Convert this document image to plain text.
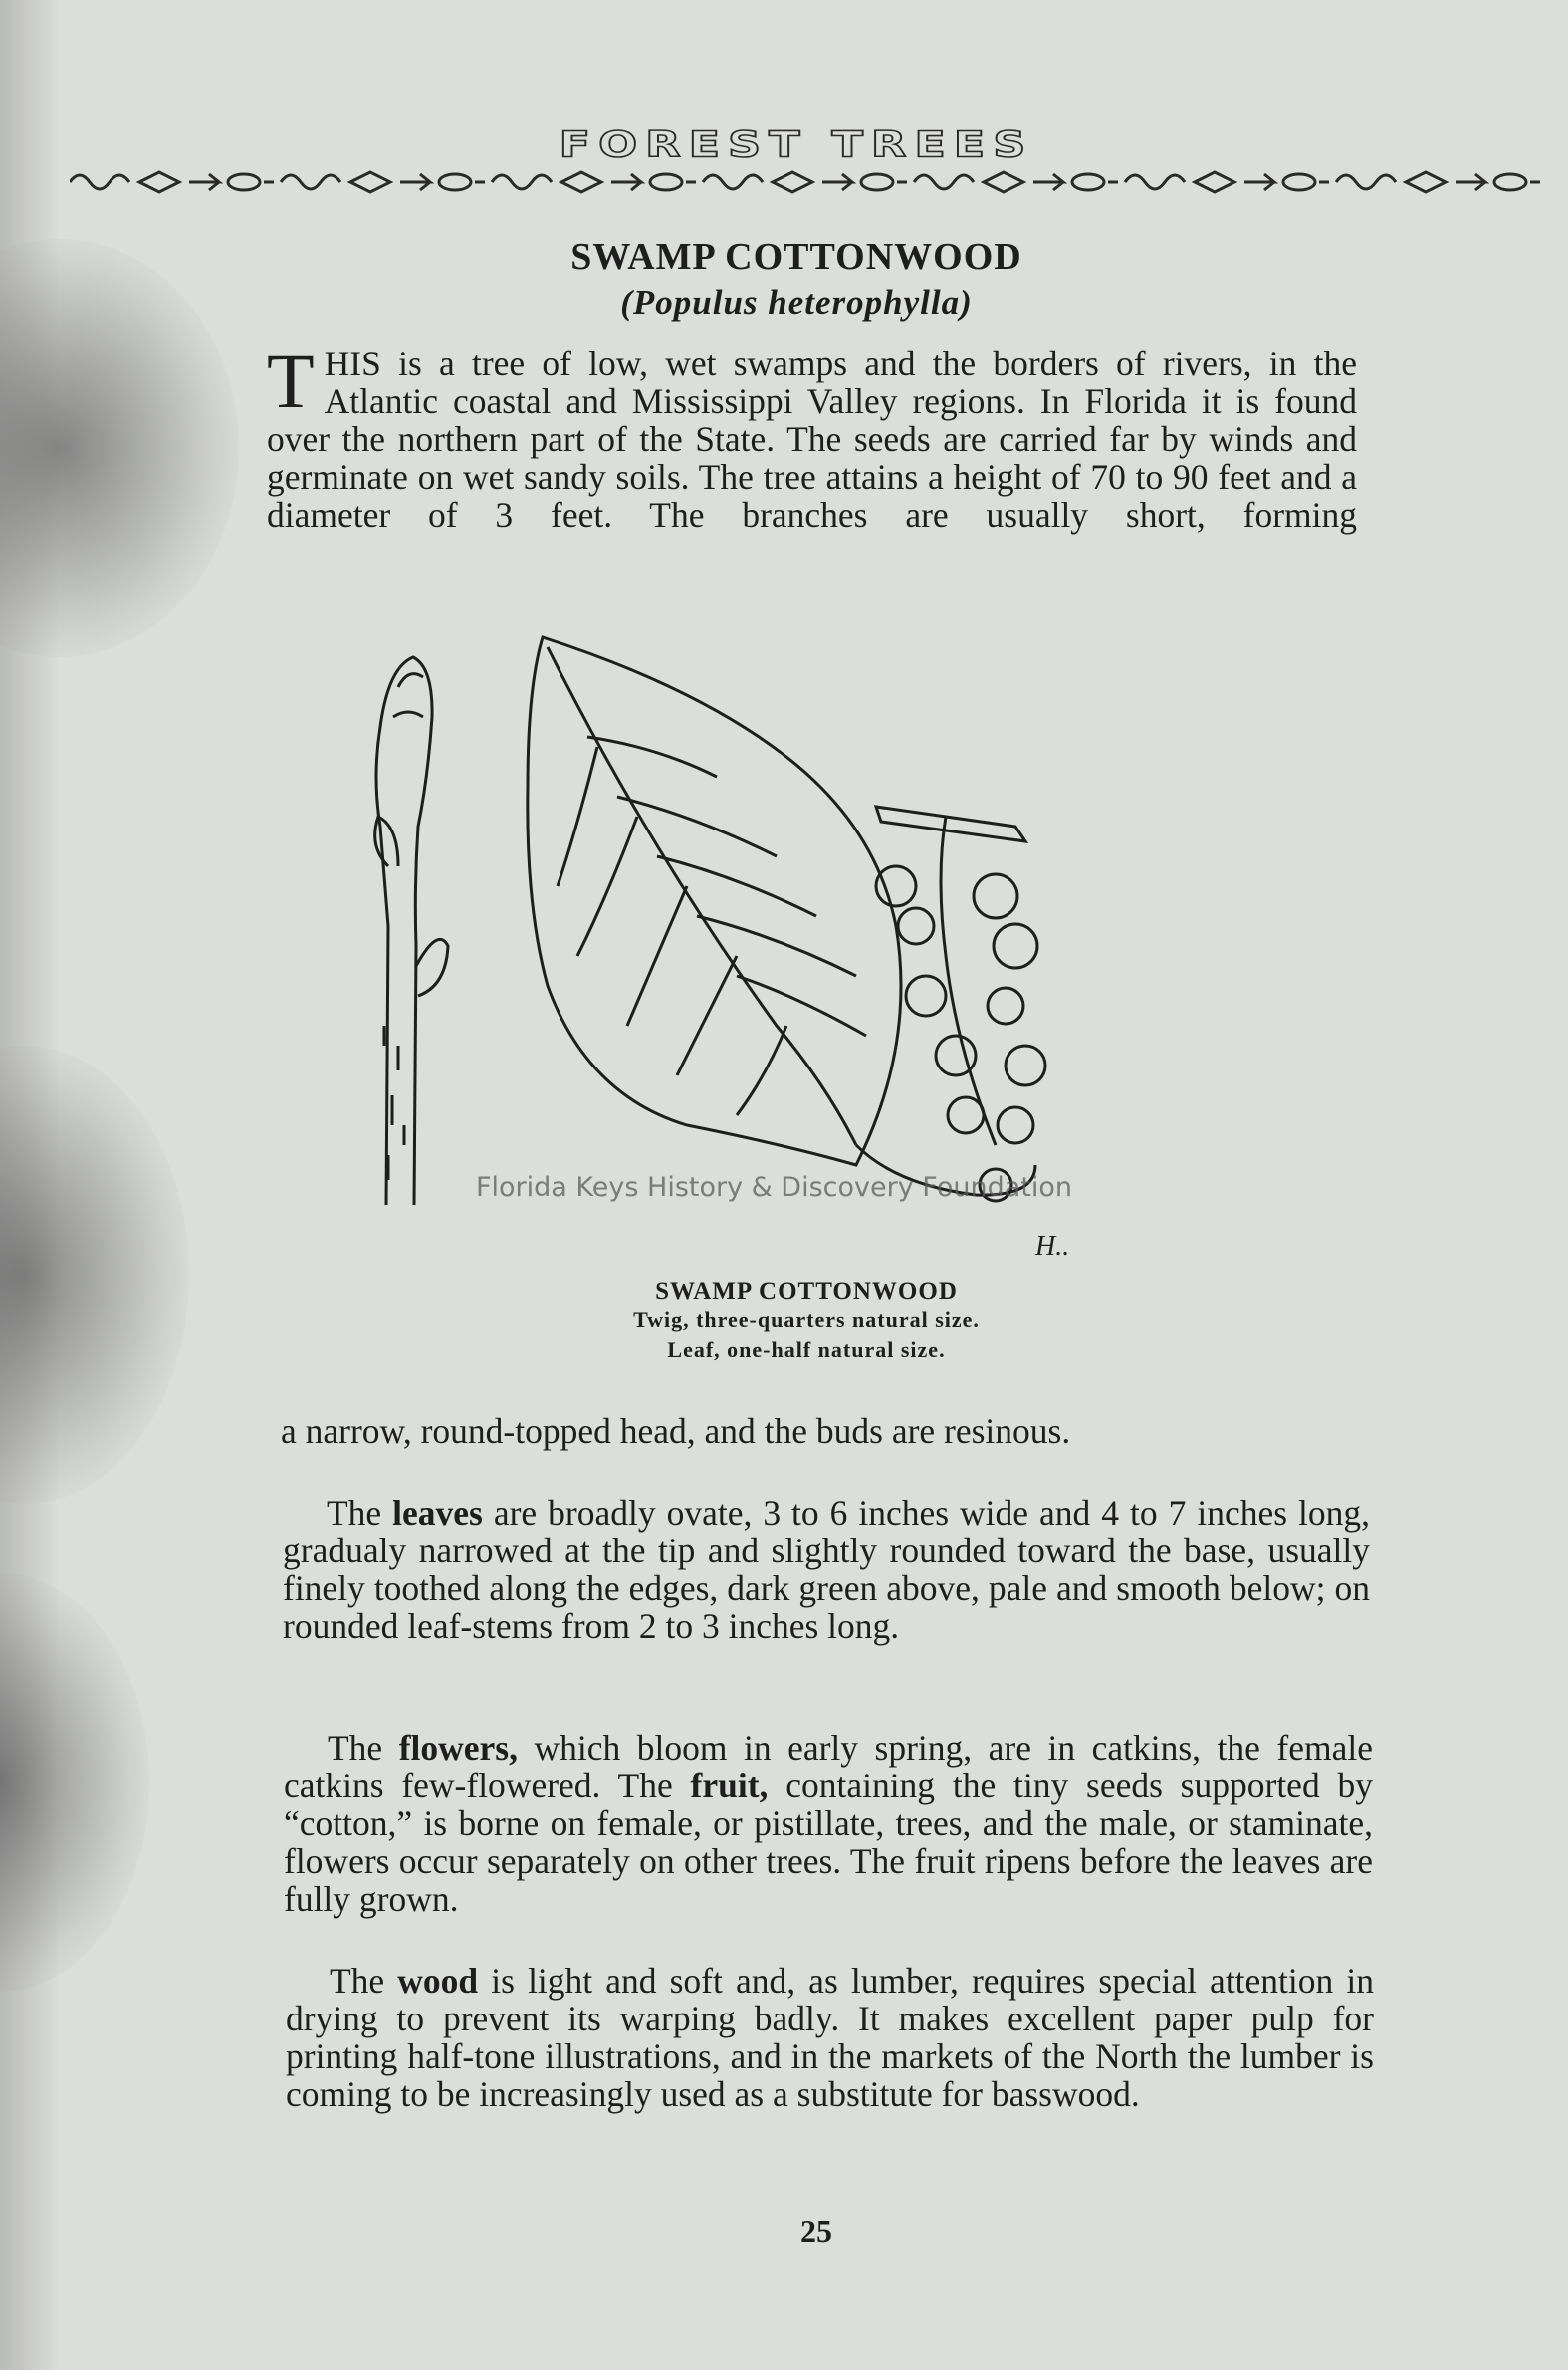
FOREST TREES
SWAMP COTTONWOOD
(Populus heterophylla)
THIS is a tree of low, wet swamps and the borders of rivers, in the Atlantic coastal and Mississippi Valley regions. In Florida it is found over the northern part of the State. The seeds are carried far by winds and germinate on wet sandy soils. The tree attains a height of 70 to 90 feet and a diameter of 3 feet. The branches are usually short, forming
H..
Florida Keys History & Discovery Foundation
SWAMP COTTONWOOD
Twig, three-quarters natural size.
Leaf, one-half natural size.
a narrow, round-topped head, and the buds are resinous.
The leaves are broadly ovate, 3 to 6 inches wide and 4 to 7 inches long, gradualy narrowed at the tip and slightly rounded toward the base, usually finely toothed along the edges, dark green above, pale and smooth below; on rounded leaf-stems from 2 to 3 inches long.
The flowers, which bloom in early spring, are in catkins, the female catkins few-flowered. The fruit, containing the tiny seeds supported by “cotton,” is borne on female, or pistillate, trees, and the male, or staminate, flowers occur separately on other trees. The fruit ripens before the leaves are fully grown.
The wood is light and soft and, as lumber, requires special attention in drying to prevent its warping badly. It makes excellent paper pulp for printing half-tone illustrations, and in the markets of the North the lumber is coming to be increasingly used as a substitute for basswood.
25
